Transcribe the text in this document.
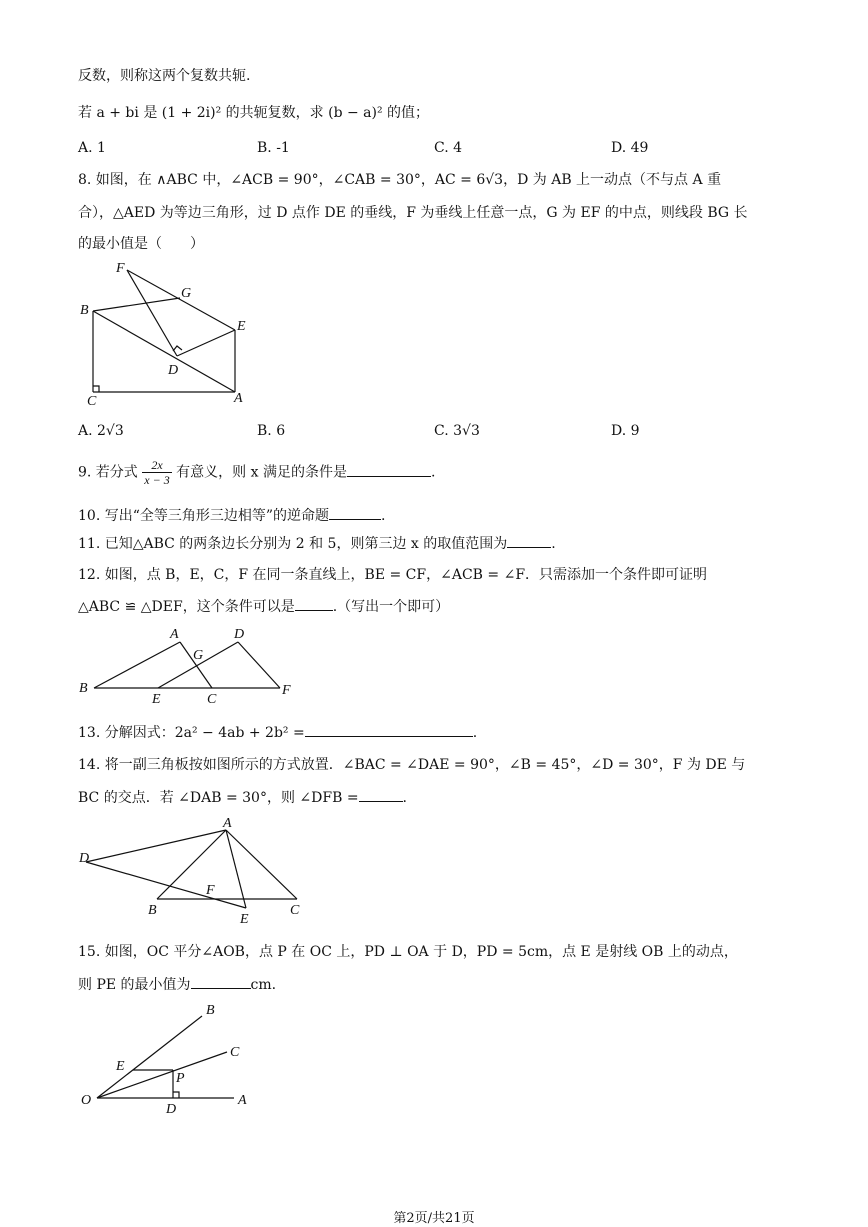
反数，则称这两个复数共轭.
若 a + bi 是 (1 + 2i)² 的共轭复数，求 (b − a)² 的值；
A. 1	B. -1	C. 4	D. 49
8. 如图，在 ∧ABC 中，∠ACB = 90°，∠CAB = 30°，AC = 6√3，D 为 AB 上一动点（不与点 A 重
合），△AED 为等边三角形，过 D 点作 DE 的垂线，F 为垂线上任意一点，G 为 EF 的中点，则线段 BG 长
的最小值是（　　）
F
G
B
E
D
C	A
A	D
G
B
E	C
F
A
D
F
B
E
C
B
C
E
P
O
D
A
A. 2√3	B. 6	C. 3√3	D. 9
9. 若分式 $\frac{2x}{x - 3}$ 有意义，则 x 满足的条件是	.
10. 写出“全等三角形三边相等”的逆命题	.
11. 已知△ABC 的两条边长分别为 2 和 5，则第三边 x 的取值范围为	.
12. 如图，点 B，E，C，F 在同一条直线上，BE = CF，∠ACB = ∠F．只需添加一个条件即可证明
△ABC ≌ △DEF，这个条件可以是	.（写出一个即可）
13. 分解因式：2a² − 4ab + 2b² =	.
14. 将一副三角板按如图所示的方式放置．∠BAC = ∠DAE = 90°，∠B = 45°，∠D = 30°，F 为 DE 与
BC 的交点．若 ∠DAB = 30°，则 ∠DFB =	.
15. 如图，OC 平分∠AOB，点 P 在 OC 上，PD ⊥ OA 于 D，PD = 5cm，点 E 是射线 OB 上的动点，
则 PE 的最小值为	cm.
第2页/共21页
